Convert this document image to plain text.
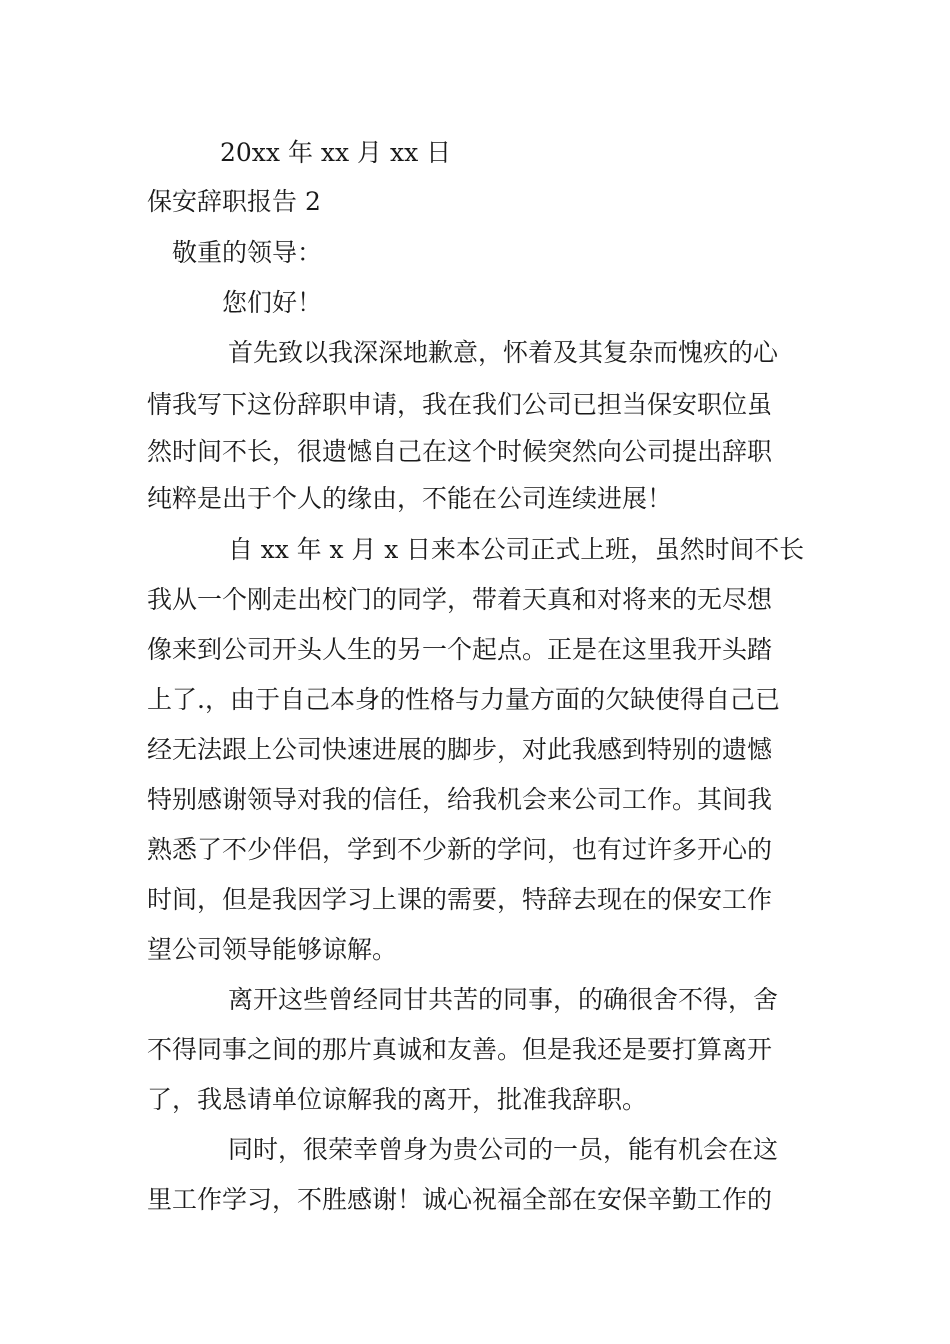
20xx 年 xx 月 xx 日
保安辞职报告 2
敬重的领导：
您们好！
首先致以我深深地歉意，怀着及其复杂而愧疚的心
情我写下这份辞职申请，我在我们公司已担当保安职位虽
然时间不长，很遗憾自己在这个时候突然向公司提出辞职
纯粹是出于个人的缘由，不能在公司连续进展！
自 xx 年 x 月 x 日来本公司正式上班，虽然时间不长
我从一个刚走出校门的同学，带着天真和对将来的无尽想
像来到公司开头人生的另一个起点。正是在这里我开头踏
上了.，由于自己本身的性格与力量方面的欠缺使得自己已
经无法跟上公司快速进展的脚步，对此我感到特别的遗憾
特别感谢领导对我的信任，给我机会来公司工作。其间我
熟悉了不少伴侣，学到不少新的学问，也有过许多开心的
时间，但是我因学习上课的需要，特辞去现在的保安工作
望公司领导能够谅解。
离开这些曾经同甘共苦的同事，的确很舍不得，舍
不得同事之间的那片真诚和友善。但是我还是要打算离开
了，我恳请单位谅解我的离开，批准我辞职。
同时，很荣幸曾身为贵公司的一员，能有机会在这
里工作学习，不胜感谢！诚心祝福全部在安保辛勤工作的
